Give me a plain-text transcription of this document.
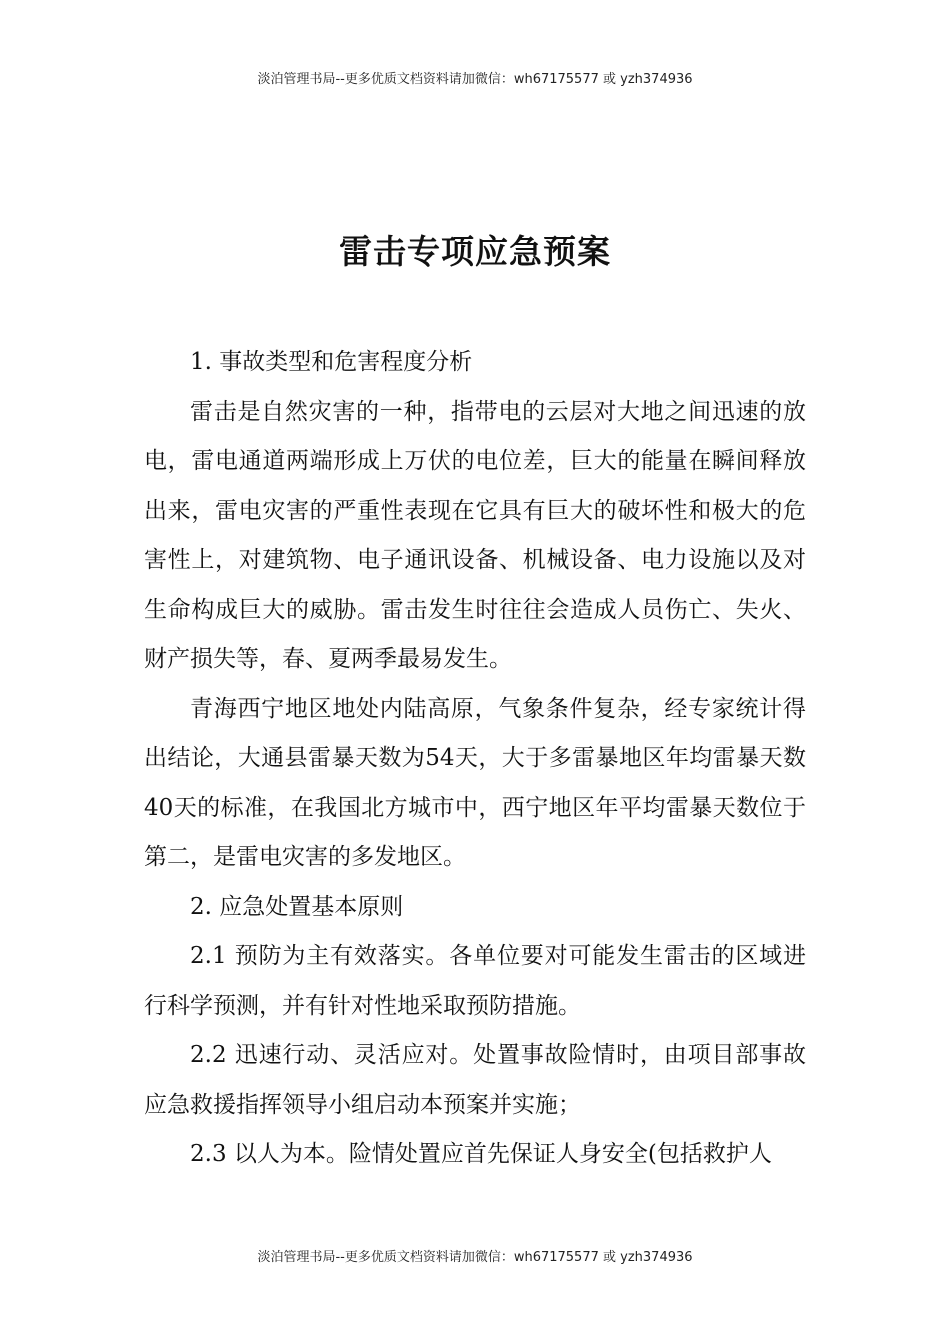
淡泊管理书局--更多优质文档资料请加微信：wh67175577 或 yzh374936
雷击专项应急预案

1. 事故类型和危害程度分析

雷击是自然灾害的一种，指带电的云层对大地之间迅速的放电，雷电通道两端形成上万伏的电位差，巨大的能量在瞬间释放出来，雷电灾害的严重性表现在它具有巨大的破坏性和极大的危害性上，对建筑物、电子通讯设备、机械设备、电力设施以及对生命构成巨大的威胁。雷击发生时往往会造成人员伤亡、失火、财产损失等，春、夏两季最易发生。

青海西宁地区地处内陆高原，气象条件复杂，经专家统计得出结论，大通县雷暴天数为54天，大于多雷暴地区年均雷暴天数40天的标准，在我国北方城市中，西宁地区年平均雷暴天数位于第二，是雷电灾害的多发地区。

2. 应急处置基本原则

2.1 预防为主有效落实。各单位要对可能发生雷击的区域进行科学预测，并有针对性地采取预防措施。

2.2 迅速行动、灵活应对。处置事故险情时，由项目部事故应急救援指挥领导小组启动本预案并实施；

2.3 以人为本。险情处置应首先保证人身安全(包括救护人

淡泊管理书局--更多优质文档资料请加微信：wh67175577 或 yzh374936
